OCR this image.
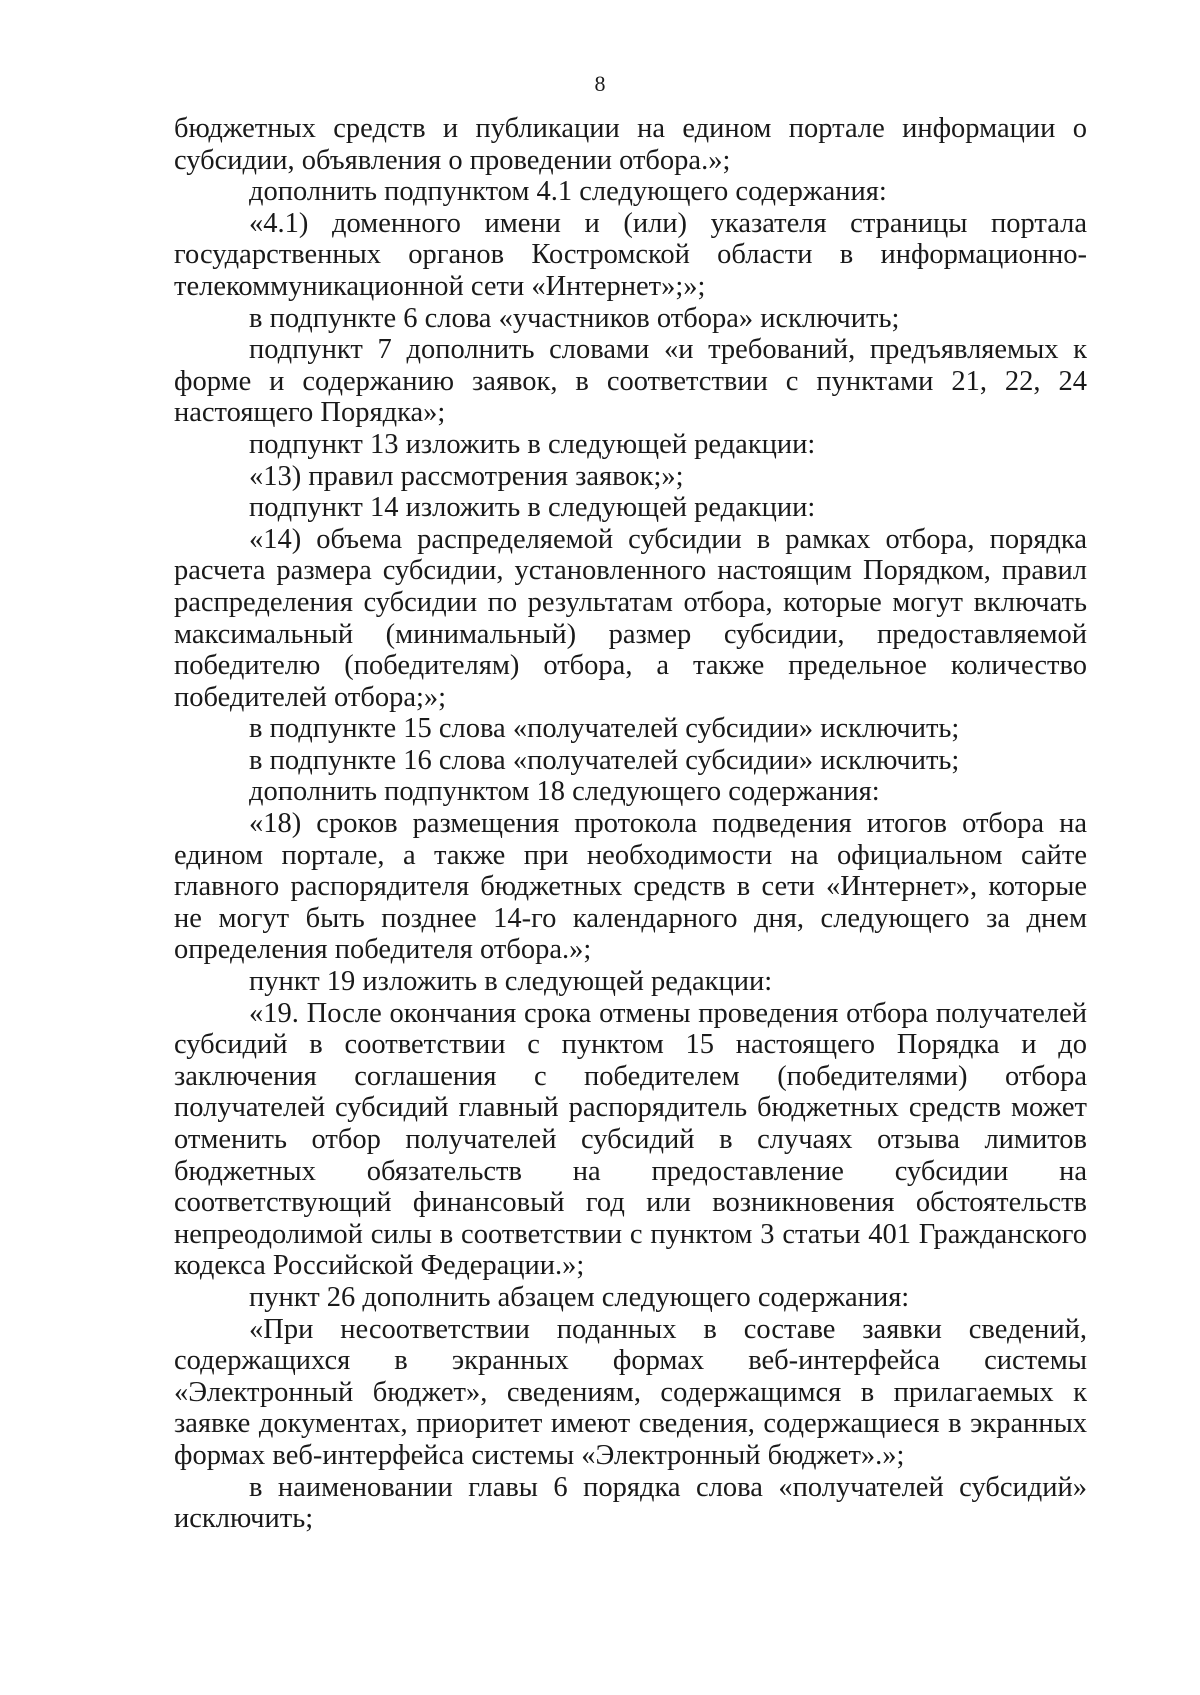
8

бюджетных средств и публикации на едином портале информации о субсидии, объявления о проведении отбора.»;

дополнить подпунктом 4.1 следующего содержания:

«4.1) доменного имени и (или) указателя страницы портала государственных органов Костромской области в информационно-телекоммуникационной сети «Интернет»;»;

в подпункте 6 слова «участников отбора» исключить;

подпункт 7 дополнить словами «и требований, предъявляемых к форме и содержанию заявок, в соответствии с пунктами 21, 22, 24 настоящего Порядка»;

подпункт 13 изложить в следующей редакции:

«13) правил рассмотрения заявок;»;

подпункт 14 изложить в следующей редакции:

«14) объема распределяемой субсидии в рамках отбора, порядка расчета размера субсидии, установленного настоящим Порядком, правил распределения субсидии по результатам отбора, которые могут включать максимальный (минимальный) размер субсидии, предоставляемой победителю (победителям) отбора, а также предельное количество победителей отбора;»;

в подпункте 15 слова «получателей субсидии» исключить;

в подпункте 16 слова «получателей субсидии» исключить;

дополнить подпунктом 18 следующего содержания:

«18) сроков размещения протокола подведения итогов отбора на едином портале, а также при необходимости на официальном сайте главного распорядителя бюджетных средств в сети «Интернет», которые не могут быть позднее 14-го календарного дня, следующего за днем определения победителя отбора.»;

пункт 19 изложить в следующей редакции:

«19. После окончания срока отмены проведения отбора получателей субсидий в соответствии с пунктом 15 настоящего Порядка и до заключения соглашения с победителем (победителями) отбора получателей субсидий главный распорядитель бюджетных средств может отменить отбор получателей субсидий в случаях отзыва лимитов бюджетных обязательств на предоставление субсидии на соответствующий финансовый год или возникновения обстоятельств непреодолимой силы в соответствии с пунктом 3 статьи 401 Гражданского кодекса Российской Федерации.»;

пункт 26 дополнить абзацем следующего содержания:

«При несоответствии поданных в составе заявки сведений, содержащихся в экранных формах веб-интерфейса системы «Электронный бюджет», сведениям, содержащимся в прилагаемых к заявке документах, приоритет имеют сведения, содержащиеся в экранных формах веб-интерфейса системы «Электронный бюджет».»;

в наименовании главы 6 порядка слова «получателей субсидий» исключить;
